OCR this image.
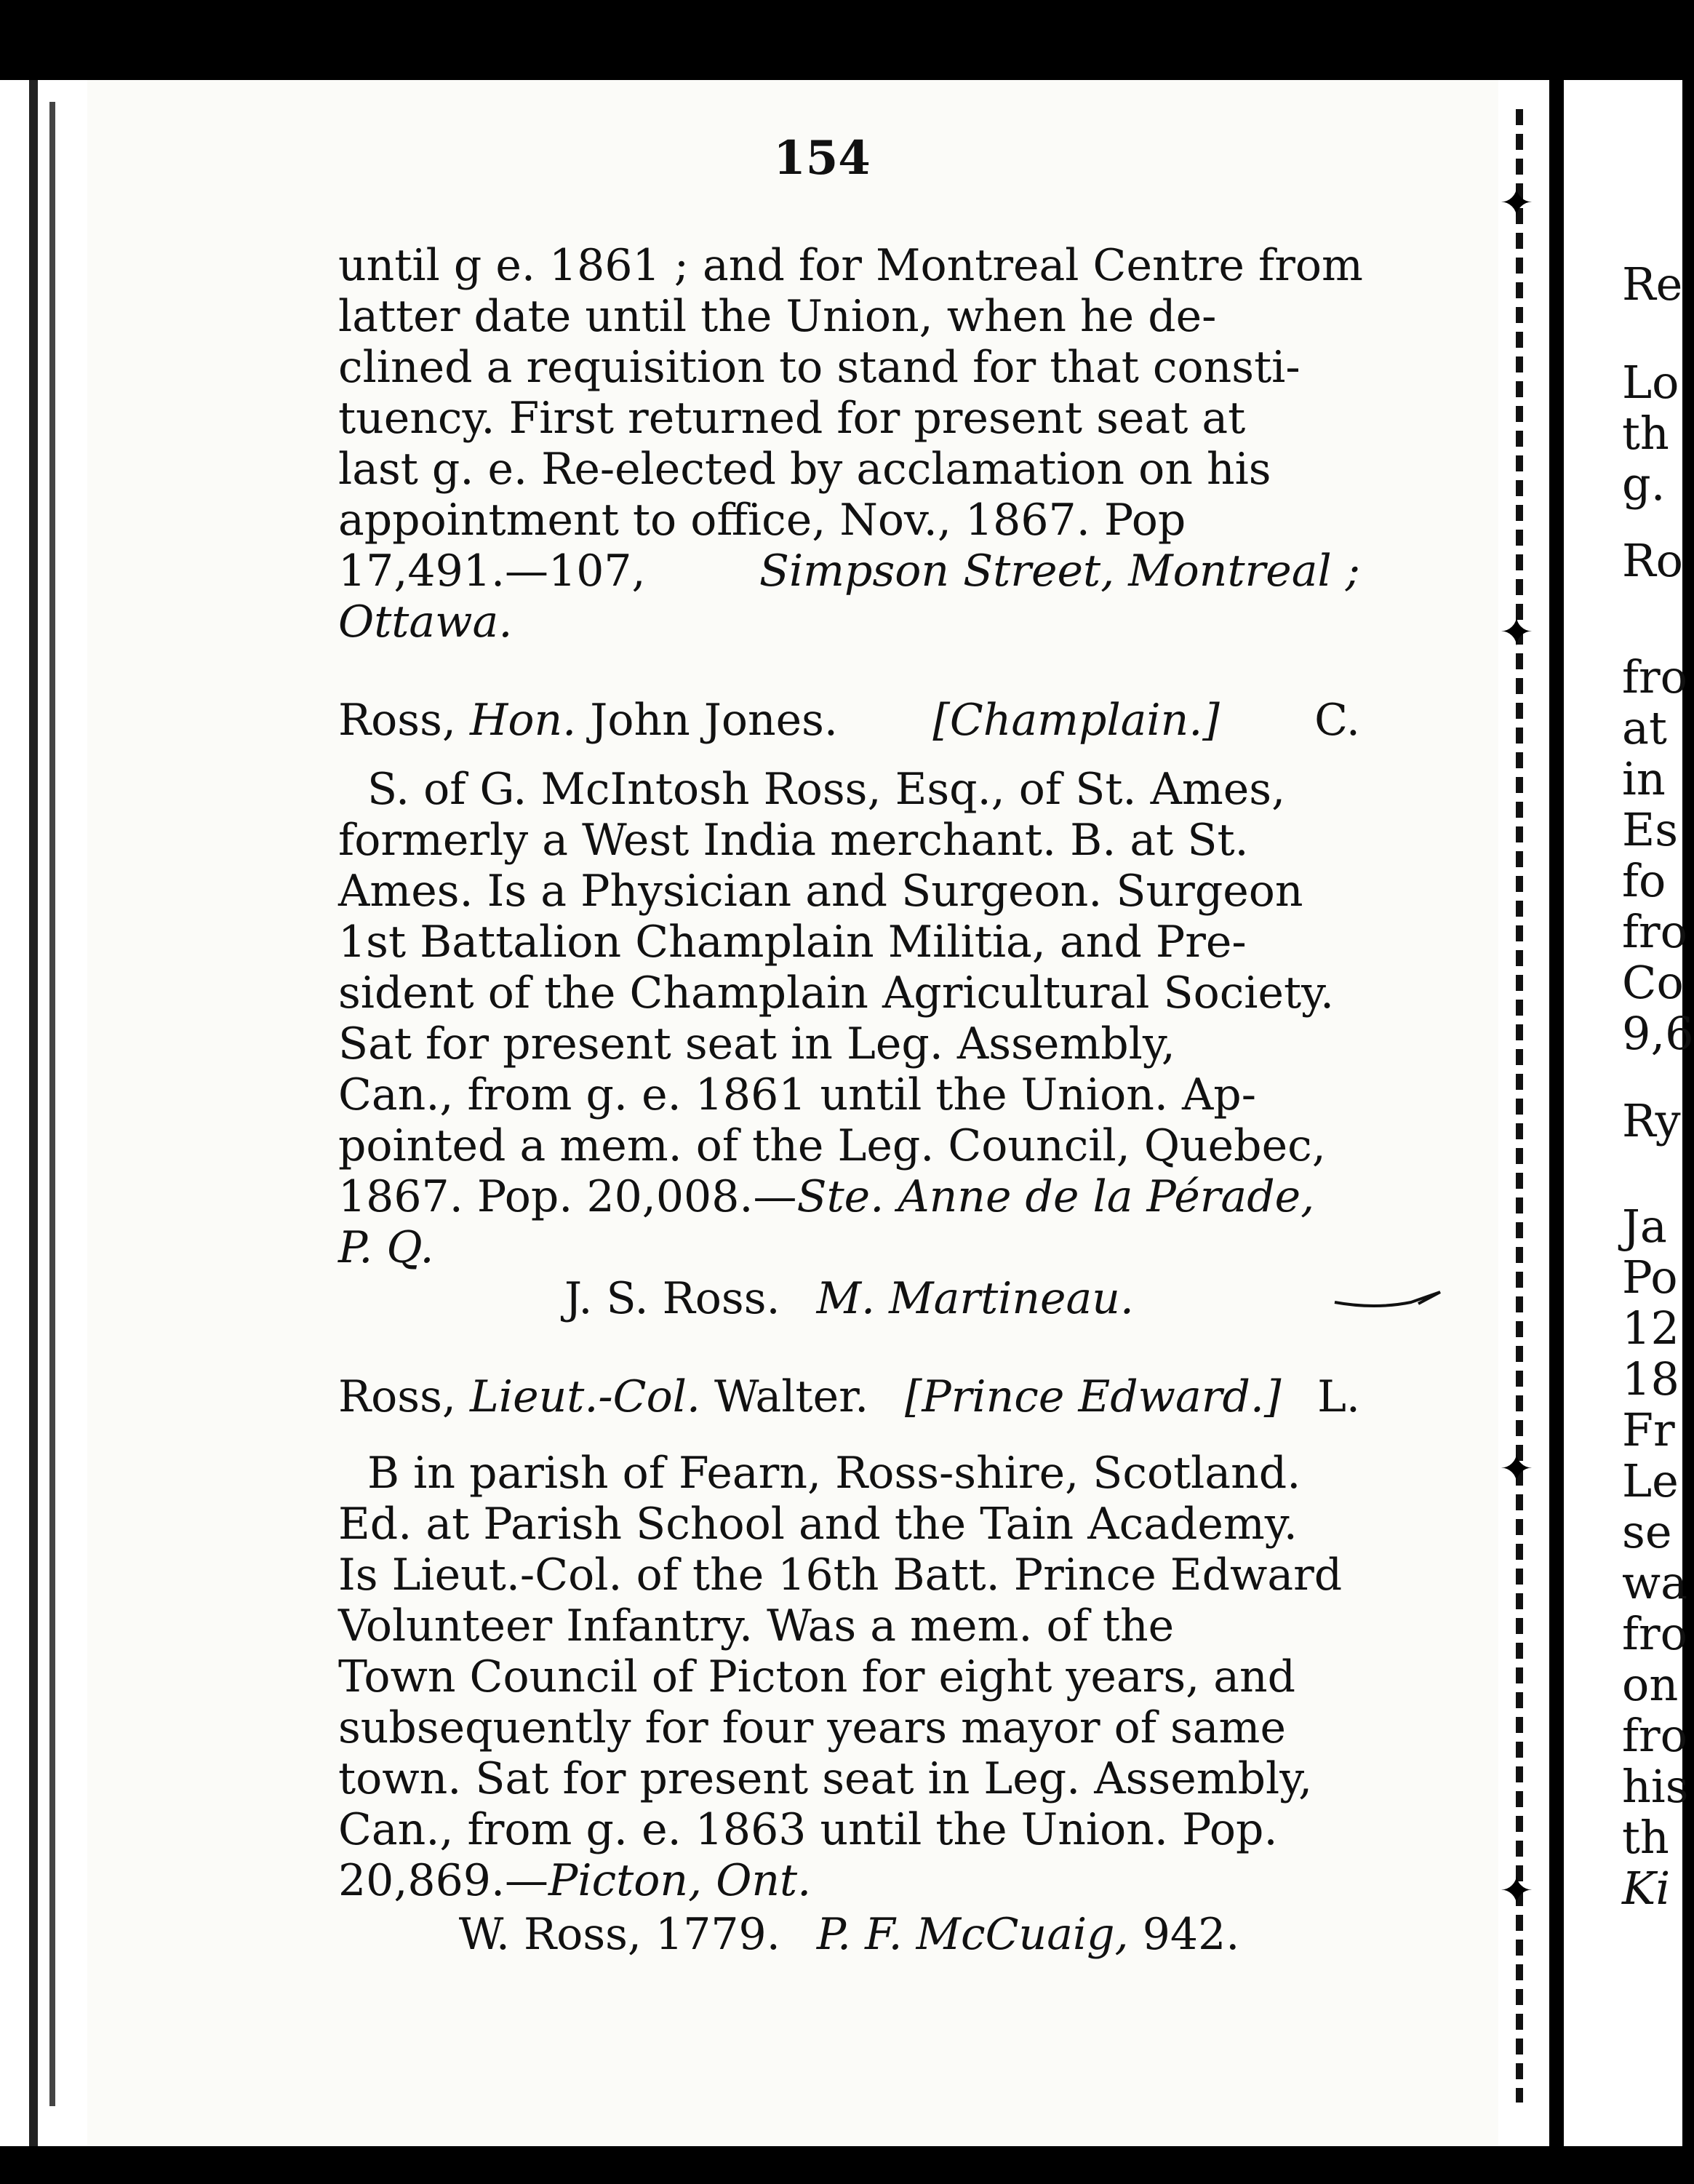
✦
✦
✦
✦
Re
Lo
th
g.
Ro
fro
at
in
Es
fo
fro
Co
9,6
Ry
Ja
Po
12
18
Fr
Le
se
wa
fro
on
fro
his
th
Ki
154
until g e. 1861 ; and for Montreal Centre from
latter date until the Union, when he de-
clined a requisition to stand for that consti-
tuency. First returned for present seat at
last g. e. Re-elected by acclamation on his
appointment to office, Nov., 1867. Pop
17,491.—107,	Simpson Street, Montreal ;
Ottawa.
Ross, Hon. John Jones. [Champlain.] C.
S. of G. McIntosh Ross, Esq., of St. Ames,
formerly a West India merchant. B. at St.
Ames. Is a Physician and Surgeon. Surgeon
1st Battalion Champlain Militia, and Pre-
sident of the Champlain Agricultural Society.
Sat for present seat in Leg. Assembly,
Can., from g. e. 1861 until the Union. Ap-
pointed a mem. of the Leg. Council, Quebec,
1867. Pop. 20,008.— Ste. Anne de la Pérade,
P. Q.
J. S. Ross. M. Martineau.
Ross, Lieut.-Col. Walter. [Prince Edward.] L.
B in parish of Fearn, Ross-shire, Scotland.
Ed. at Parish School and the Tain Academy.
Is Lieut.-Col. of the 16th Batt. Prince Edward
Volunteer Infantry. Was a mem. of the
Town Council of Picton for eight years, and
subsequently for four years mayor of same
town. Sat for present seat in Leg. Assembly,
Can., from g. e. 1863 until the Union. Pop.
20,869.— Picton, Ont.
W. Ross, 1779. P. F. McCuaig, 942.
